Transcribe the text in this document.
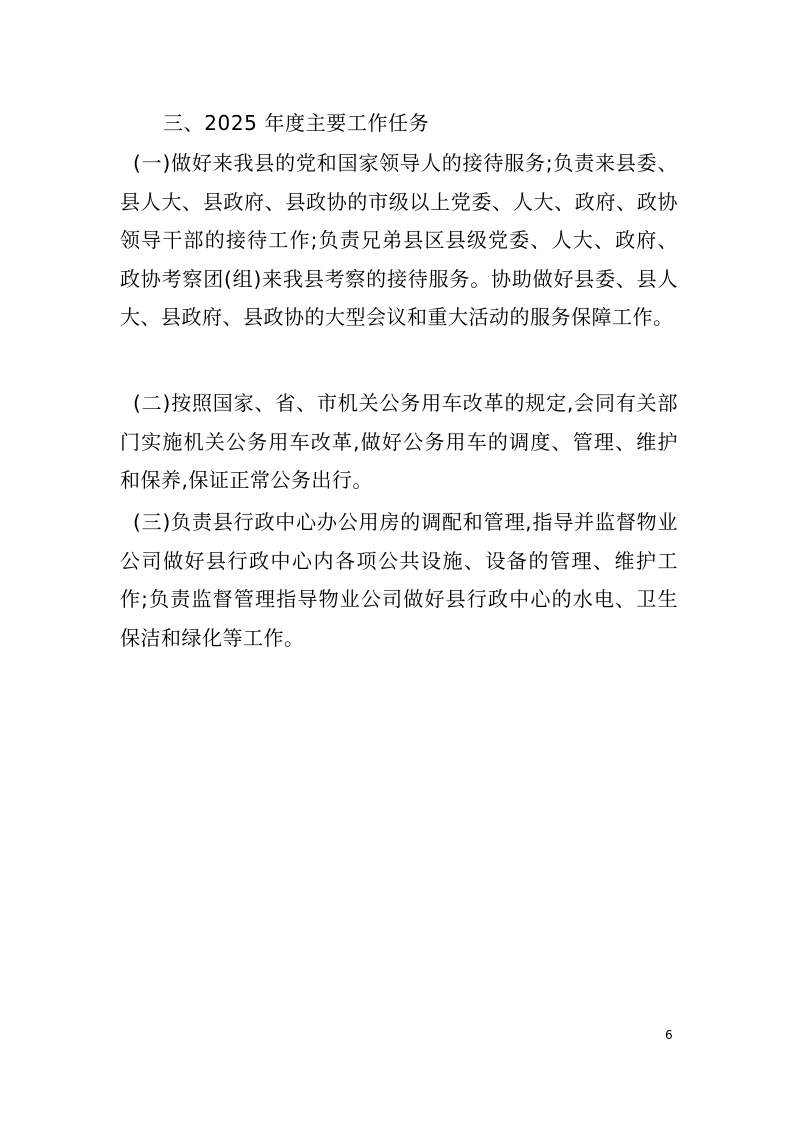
三、2025 年度主要工作任务

(一)做好来我县的党和国家领导人的接待服务;负责来县委、县人大、县政府、县政协的市级以上党委、人大、政府、政协领导干部的接待工作;负责兄弟县区县级党委、人大、政府、政协考察团(组)来我县考察的接待服务。协助做好县委、县人大、县政府、县政协的大型会议和重大活动的服务保障工作。

(二)按照国家、省、市机关公务用车改革的规定,会同有关部门实施机关公务用车改革,做好公务用车的调度、管理、维护和保养,保证正常公务出行。

(三)负责县行政中心办公用房的调配和管理,指导并监督物业公司做好县行政中心内各项公共设施、设备的管理、维护工作;负责监督管理指导物业公司做好县行政中心的水电、卫生保洁和绿化等工作。

6
